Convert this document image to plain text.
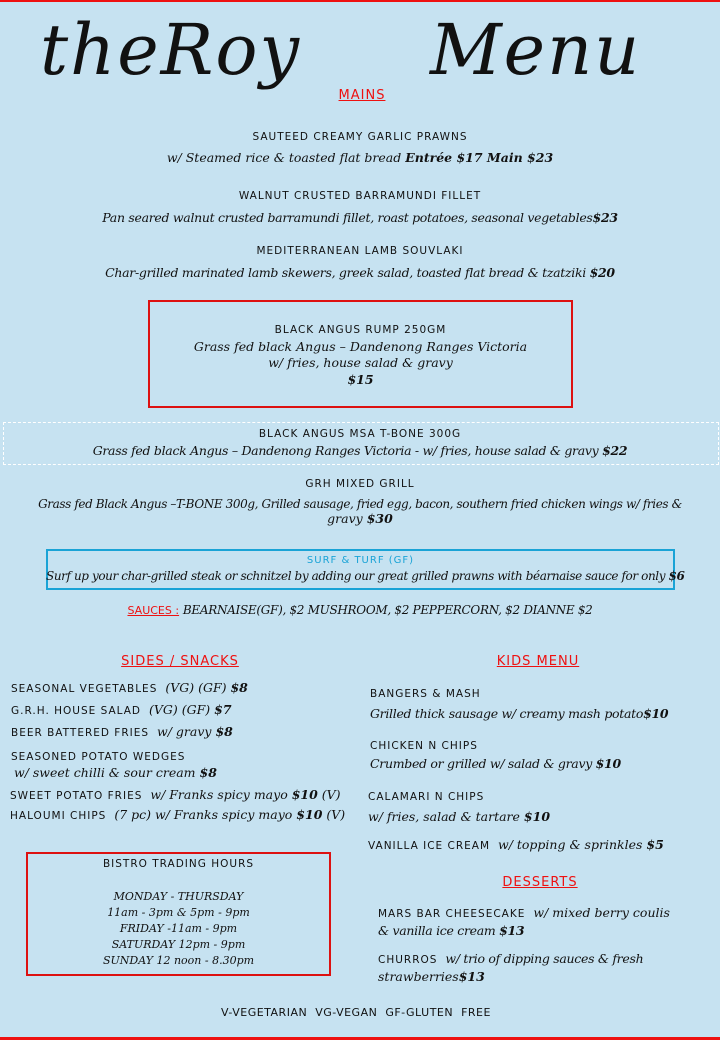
theRoy Menu
MAINS
SAUTEED CREAMY GARLIC PRAWNS
w/ Steamed rice & toasted flat bread Entrée $17 Main $23
WALNUT CRUSTED BARRAMUNDI FILLET
Pan seared walnut crusted barramundi fillet, roast potatoes, seasonal vegetables$23
MEDITERRANEAN LAMB SOUVLAKI
Char-grilled marinated lamb skewers, greek salad, toasted flat bread & tzatziki $20
BLACK ANGUS RUMP 250GM
Grass fed black Angus – Dandenong Ranges Victoria
w/ fries, house salad & gravy
$15
BLACK ANGUS MSA T-BONE 300G
Grass fed black Angus – Dandenong Ranges Victoria - w/ fries, house salad & gravy $22
GRH MIXED GRILL
Grass fed Black Angus –T-BONE 300g, Grilled sausage, fried egg, bacon, southern fried chicken wings w/ fries &
gravy $30
SURF & TURF (GF)
Surf up your char-grilled steak or schnitzel by adding our great grilled prawns with béarnaise sauce for only $6
SAUCES : BEARNAISE(GF), $2 MUSHROOM, $2 PEPPERCORN, $2 DIANNE $2
SIDES / SNACKS
SEASONAL VEGETABLES (VG) (GF) $8
G.R.H. HOUSE SALAD (VG) (GF) $7
BEER BATTERED FRIES w/ gravy $8
SEASONED POTATO WEDGES
w/ sweet chilli & sour cream $8
SWEET POTATO FRIES w/ Franks spicy mayo $10 (V)
HALOUMI CHIPS (7 pc) w/ Franks spicy mayo $10 (V)
BISTRO TRADING HOURS
MONDAY - THURSDAY
11am - 3pm & 5pm - 9pm
FRIDAY -11am - 9pm
SATURDAY 12pm - 9pm
SUNDAY 12 noon - 8.30pm
KIDS MENU
BANGERS & MASH
Grilled thick sausage w/ creamy mash potato$10
CHICKEN N CHIPS
Crumbed or grilled w/ salad & gravy $10
CALAMARI N CHIPS
w/ fries, salad & tartare $10
VANILLA ICE CREAM w/ topping & sprinkles $5
DESSERTS
MARS BAR CHEESECAKE w/ mixed berry coulis
& vanilla ice cream $13
CHURROS w/ trio of dipping sauces & fresh
strawberries$13
V-VEGETARIAN  VG-VEGAN  GF-GLUTEN  FREE
